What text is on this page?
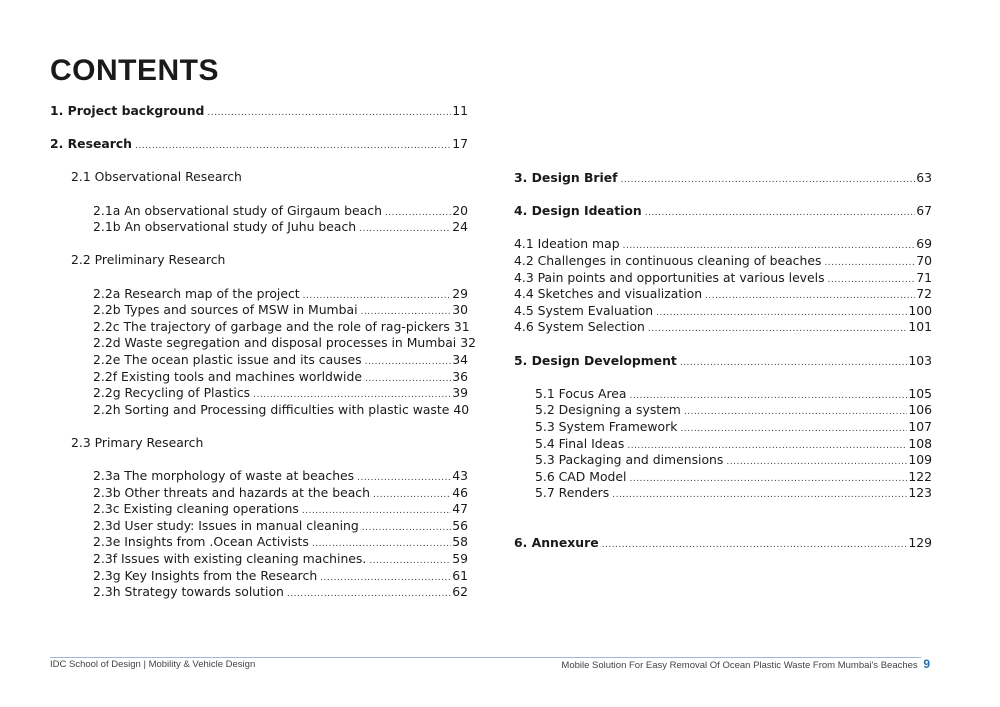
CONTENTS
1. Project background .....	11
2. Research .....	17
2.1 Observational Research
2.1a An observational study of Girgaum beach .....	20
2.1b An observational study of Juhu beach .....	24
2.2 Preliminary Research
2.2a Research map of the project .....	29
2.2b Types and sources of MSW in Mumbai .....	30
2.2c The trajectory of garbage and the role of rag-pickers 31
2.2d Waste segregation and disposal processes in Mumbai 32
2.2e The ocean plastic issue and its causes .....	34
2.2f Existing tools and machines worldwide .....	36
2.2g Recycling of Plastics .....	39
2.2h Sorting and Processing difficulties with plastic waste 40
2.3 Primary Research
2.3a The morphology of waste at beaches .....	43
2.3b Other threats and hazards at the beach .....	46
2.3c Existing cleaning operations .....	47
2.3d User study: Issues in manual cleaning .....	56
2.3e Insights from .Ocean Activists .....	58
2.3f Issues with existing cleaning machines. .....	59
2.3g Key Insights from the Research .....	61
2.3h Strategy towards solution .....	62
3. Design Brief .....	63
4. Design Ideation .....	67
4.1 Ideation map .....	69
4.2 Challenges in continuous cleaning of beaches .....	70
4.3 Pain points and opportunities at various levels .....	71
4.4 Sketches and visualization .....	72
4.5 System Evaluation .....	100
4.6 System Selection .....	101
5. Design Development .....	103
5.1 Focus Area .....	105
5.2 Designing a system .....	106
5.3 System Framework .....	107
5.4 Final Ideas .....	108
5.3 Packaging and dimensions .....	109
5.6 CAD Model .....	122
5.7 Renders .....	123
6. Annexure .....	129
IDC School of Design | Mobility & Vehicle Design	Mobile Solution For Easy Removal Of Ocean Plastic Waste From Mumbai's Beaches 9
